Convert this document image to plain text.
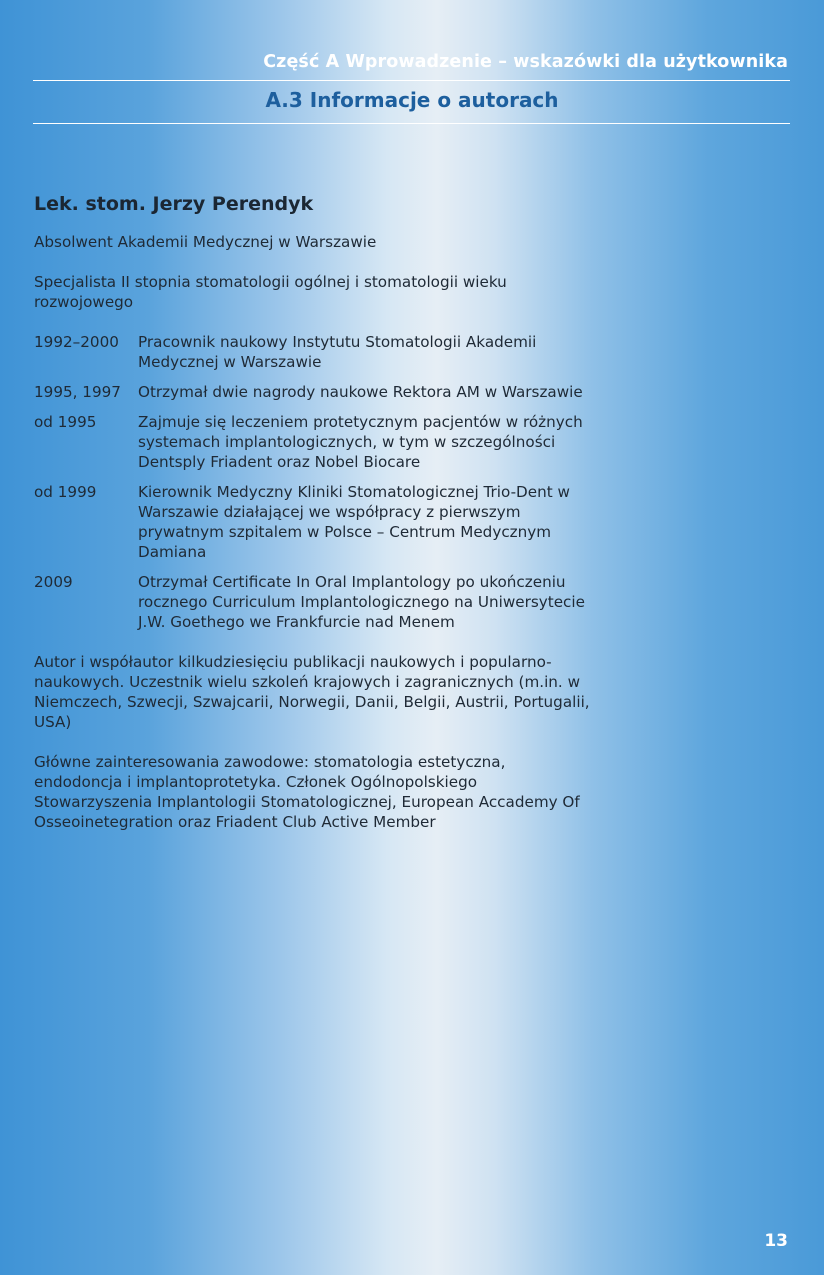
Część A Wprowadzenie – wskazówki dla użytkownika
A.3 Informacje o autorach
Lek. stom. Jerzy Perendyk

Absolwent Akademii Medycznej w Warszawie

Specjalista II stopnia stomatologii ogólnej i stomatologii wieku rozwojowego

1992–2000	Pracownik naukowy Instytutu Stomatologii Akademii Medycznej w Warszawie
1995, 1997	Otrzymał dwie nagrody naukowe Rektora AM w Warszawie
od 1995	Zajmuje się leczeniem protetycznym pacjentów w różnych systemach implantologicznych, w tym w szczególności Dentsply Friadent oraz Nobel Biocare
od 1999	Kierownik Medyczny Kliniki Stomatologicznej Trio-Dent w Warszawie działającej we współpracy z pierwszym prywatnym szpitalem w Polsce – Centrum Medycznym Damiana
2009	Otrzymał Certificate In Oral Implantology po ukończeniu rocznego Curriculum Implantologicznego na Uniwersytecie J.W. Goethego we Frankfurcie nad Menem

Autor i współautor kilkudziesięciu publikacji naukowych i popularno-naukowych. Uczestnik wielu szkoleń krajowych i zagranicznych (m.in. w Niemczech, Szwecji, Szwajcarii, Norwegii, Danii, Belgii, Austrii, Portugalii, USA)

Główne zainteresowania zawodowe: stomatologia estetyczna, endodoncja i implantoprotetyka. Członek Ogólnopolskiego Stowarzyszenia Implantologii Stomatologicznej, European Accademy Of Osseoinetegration oraz Friadent Club Active Member

13
